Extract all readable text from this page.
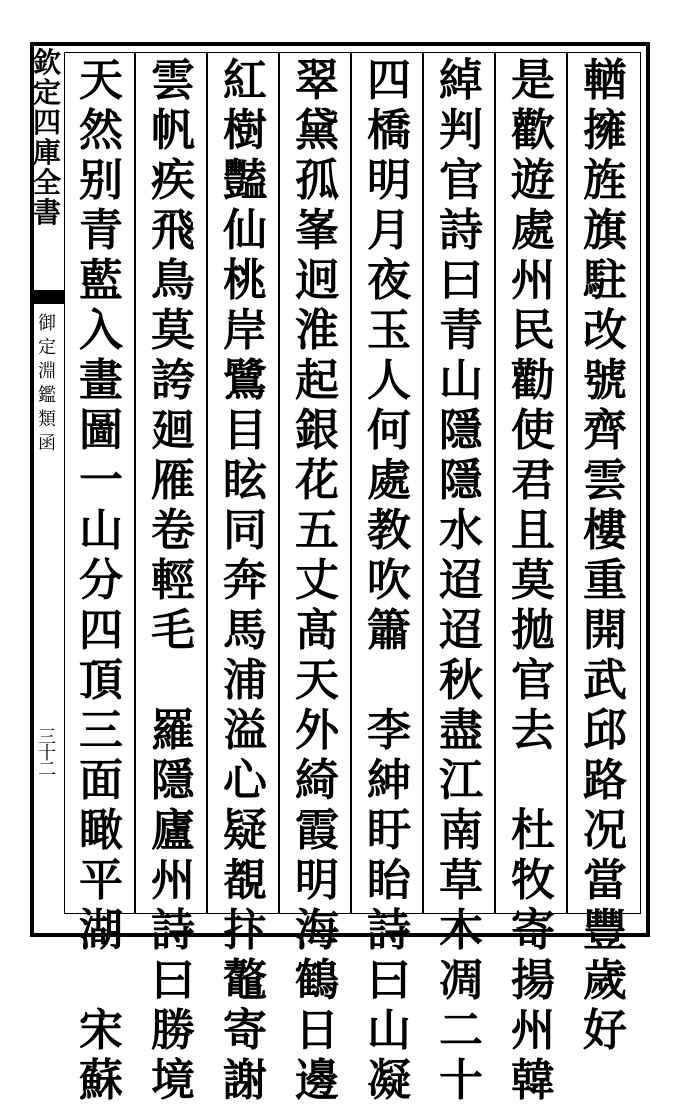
欽
定
四
庫
全
書
御
定
淵
鑑
類
函
三
十
二
輶
擁
旌
旗
駐
改
號
齊
雲
樓
重
開
武
邱
路
况
當
豐
歲
好
是
歡
遊
處
州
民
勸
使
君
且
莫
拋
官
去

杜
牧
寄
揚
州
韓
綽
判
官
詩
曰
青
山
隱
隱
水
迢
迢
秋
盡
江
南
草
木
凋
二
十
四
橋
明
月
夜
玉
人
何
處
教
吹
簫

李
紳
盱
眙
詩
曰
山
凝
翠
黛
孤
峯
迥
淮
起
銀
花
五
丈
髙
天
外
綺
霞
明
海
鶴
日
邊
紅
樹
豔
仙
桃
岸
鷺
目
眩
同
奔
馬
浦
溢
心
疑
覩
抃
鼇
寄
謝
雲
帆
疾
飛
鳥
莫
誇
廻
雁
卷
輕
毛

羅
隱
廬
州
詩
曰
勝
境
天
然
别
青
藍
入
畫
圖
一
山
分
四
頂
三
面
瞰
平
湖

宋
蘇
